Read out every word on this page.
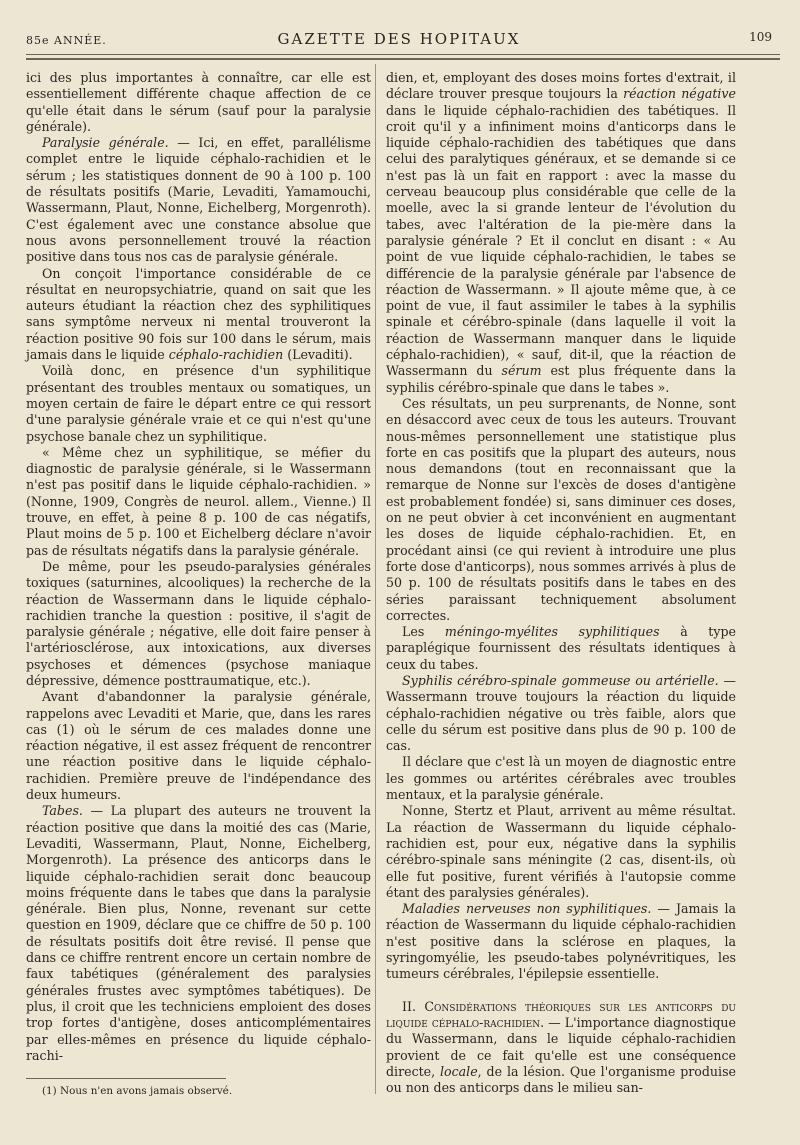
85e ANNÉE.	GAZETTE DES HOPITAUX	109

ici des plus importantes à connaître, car elle est essentiellement différente chaque affection de ce qu'elle était dans le sérum (sauf pour la paralysie générale).

Paralysie générale. — Ici, en effet, parallélisme complet entre le liquide céphalo-rachidien et le sérum ; les statistiques donnent de 90 à 100 p. 100 de résultats positifs (Marie, Levaditi, Yamamouchi, Wassermann, Plaut, Nonne, Eichelberg, Morgenroth). C'est également avec une constance absolue que nous avons personnellement trouvé la réaction positive dans tous nos cas de paralysie générale.

On conçoit l'importance considérable de ce résultat en neuropsychiatrie, quand on sait que les auteurs étudiant la réaction chez des syphilitiques sans symptôme nerveux ni mental trouveront la réaction positive 90 fois sur 100 dans le sérum, mais jamais dans le liquide céphalo-rachidien (Levaditi).

Voilà donc, en présence d'un syphilitique présentant des troubles mentaux ou somatiques, un moyen certain de faire le départ entre ce qui ressort d'une paralysie générale vraie et ce qui n'est qu'une psychose banale chez un syphilitique.

« Même chez un syphilitique, se méfier du diagnostic de paralysie générale, si le Wassermann n'est pas positif dans le liquide céphalo-rachidien. » (Nonne, 1909, Congrès de neurol. allem., Vienne.) Il trouve, en effet, à peine 8 p. 100 de cas négatifs, Plaut moins de 5 p. 100 et Eichelberg déclare n'avoir pas de résultats négatifs dans la paralysie générale.

De même, pour les pseudo-paralysies générales toxiques (saturnines, alcooliques) la recherche de la réaction de Wassermann dans le liquide céphalo-rachidien tranche la question : positive, il s'agit de paralysie générale ; négative, elle doit faire penser à l'artériosclérose, aux intoxications, aux diverses psychoses et démences (psychose maniaque dépressive, démence posttraumatique, etc.).

Avant d'abandonner la paralysie générale, rappelons avec Levaditi et Marie, que, dans les rares cas (1) où le sérum de ces malades donne une réaction négative, il est assez fréquent de rencontrer une réaction positive dans le liquide céphalo-rachidien. Première preuve de l'indépendance des deux humeurs.

Tabes. — La plupart des auteurs ne trouvent la réaction positive que dans la moitié des cas (Marie, Levaditi, Wassermann, Plaut, Nonne, Eichelberg, Morgenroth). La présence des anticorps dans le liquide céphalo-rachidien serait donc beaucoup moins fréquente dans le tabes que dans la paralysie générale. Bien plus, Nonne, revenant sur cette question en 1909, déclare que ce chiffre de 50 p. 100 de résultats positifs doit être revisé. Il pense que dans ce chiffre rentrent encore un certain nombre de faux tabétiques (généralement des paralysies générales frustes avec symptômes tabétiques). De plus, il croit que les techniciens emploient des doses trop fortes d'antigène, doses anticomplémentaires par elles-mêmes en présence du liquide céphalo-rachi-

(1) Nous n'en avons jamais observé.

dien, et, employant des doses moins fortes d'extrait, il déclare trouver presque toujours la réaction négative dans le liquide céphalo-rachidien des tabétiques. Il croit qu'il y a infiniment moins d'anticorps dans le liquide céphalo-rachidien des tabétiques que dans celui des paralytiques généraux, et se demande si ce n'est pas là un fait en rapport : avec la masse du cerveau beaucoup plus considérable que celle de la moelle, avec la si grande lenteur de l'évolution du tabes, avec l'altération de la pie-mère dans la paralysie générale ? Et il conclut en disant : « Au point de vue liquide céphalo-rachidien, le tabes se différencie de la paralysie générale par l'absence de réaction de Wassermann. » Il ajoute même que, à ce point de vue, il faut assimiler le tabes à la syphilis spinale et cérébro-spinale (dans laquelle il voit la réaction de Wassermann manquer dans le liquide céphalo-rachidien), « sauf, dit-il, que la réaction de Wassermann du sérum est plus fréquente dans la syphilis cérébro-spinale que dans le tabes ».

Ces résultats, un peu surprenants, de Nonne, sont en désaccord avec ceux de tous les auteurs. Trouvant nous-mêmes personnellement une statistique plus forte en cas positifs que la plupart des auteurs, nous nous demandons (tout en reconnaissant que la remarque de Nonne sur l'excès de doses d'antigène est probablement fondée) si, sans diminuer ces doses, on ne peut obvier à cet inconvénient en augmentant les doses de liquide céphalo-rachidien. Et, en procédant ainsi (ce qui revient à introduire une plus forte dose d'anticorps), nous sommes arrivés à plus de 50 p. 100 de résultats positifs dans le tabes en des séries paraissant techniquement absolument correctes.

Les méningo-myélites syphilitiques à type paraplégique fournissent des résultats identiques à ceux du tabes.

Syphilis cérébro-spinale gommeuse ou artérielle. — Wassermann trouve toujours la réaction du liquide céphalo-rachidien négative ou très faible, alors que celle du sérum est positive dans plus de 90 p. 100 de cas.

Il déclare que c'est là un moyen de diagnostic entre les gommes ou artérites cérébrales avec troubles mentaux, et la paralysie générale.

Nonne, Stertz et Plaut, arrivent au même résultat. La réaction de Wassermann du liquide céphalo-rachidien est, pour eux, négative dans la syphilis cérébro-spinale sans méningite (2 cas, disent-ils, où elle fut positive, furent vérifiés à l'autopsie comme étant des paralysies générales).

Maladies nerveuses non syphilitiques. — Jamais la réaction de Wassermann du liquide céphalo-rachidien n'est positive dans la sclérose en plaques, la syringomyélie, les pseudo-tabes polynévritiques, les tumeurs cérébrales, l'épilepsie essentielle.

II. Considérations théoriques sur les anticorps du liquide céphalo-rachidien. — L'importance diagnostique du Wassermann, dans le liquide céphalo-rachidien provient de ce fait qu'elle est une conséquence directe, locale, de la lésion. Que l'organisme produise ou non des anticorps dans le milieu san-
